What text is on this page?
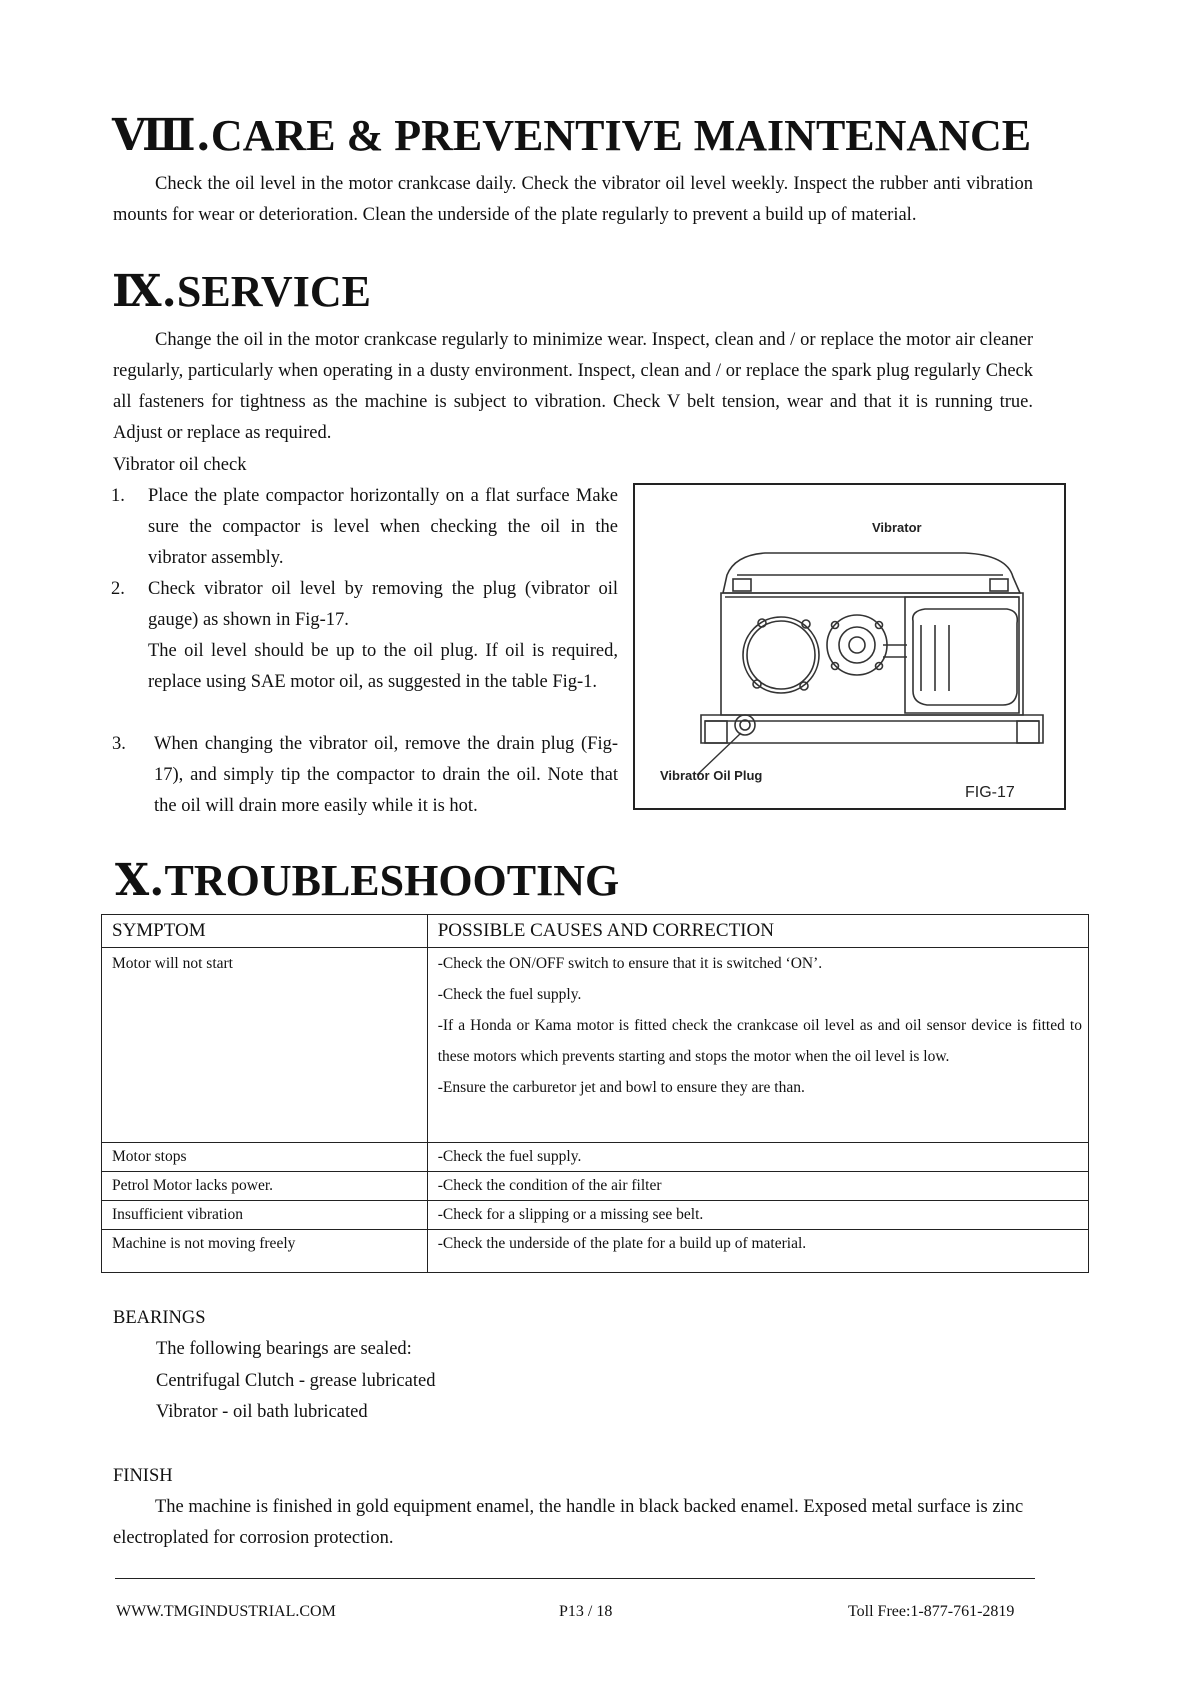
Ⅷ.CARE & PREVENTIVE MAINTENANCE

Check the oil level in the motor crankcase daily. Check the vibrator oil level weekly. Inspect the rubber anti vibration mounts for wear or deterioration. Clean the underside of the plate regularly to prevent a build up of material.

Ⅸ.SERVICE

Change the oil in the motor crankcase regularly to minimize wear. Inspect, clean and / or replace the motor air cleaner regularly, particularly when operating in a dusty environment. Inspect, clean and / or replace the spark plug regularly Check all fasteners for tightness as the machine is subject to vibration. Check V belt tension, wear and that it is running true. Adjust or replace as required.

Vibrator oil check

1. Place the plate compactor horizontally on a flat surface Make sure the compactor is level when checking the oil in the vibrator assembly.
2. Check vibrator oil level by removing the plug (vibrator oil gauge) as shown in Fig-17.
The oil level should be up to the oil plug. If oil is required, replace using SAE motor oil, as suggested in the table Fig-1.
3. When changing the vibrator oil, remove the drain plug (Fig-17), and simply tip the compactor to drain the oil. Note that the oil will drain more easily while it is hot.
Vibrator
Vibrator Oil Plug
FIG-17
Ⅹ.TROUBLESHOOTING
SYMPTOM	POSSIBLE CAUSES AND CORRECTION
Motor will not start	-Check the ON/OFF switch to ensure that it is switched ‘ON’.
-Check the fuel supply.
-If a Honda or Kama motor is fitted check the crankcase oil level as and oil sensor device is fitted to these motors which prevents starting and stops the motor when the oil level is low.
-Ensure the carburetor jet and bowl to ensure they are than.

Motor stops	-Check the fuel supply.
Petrol Motor lacks power.	-Check the condition of the air filter
Insufficient vibration	-Check for a slipping or a missing see belt.
Machine is not moving freely	-Check the underside of the plate for a build up of material.

BEARINGS

The following bearings are sealed:

Centrifugal Clutch - grease lubricated

Vibrator - oil bath lubricated

FINISH

The machine is finished in gold equipment enamel, the handle in black backed enamel. Exposed metal surface is zinc electroplated for corrosion protection.

WWW.TMGINDUSTRIAL.COM	P13 / 18	Toll Free:1-877-761-2819
